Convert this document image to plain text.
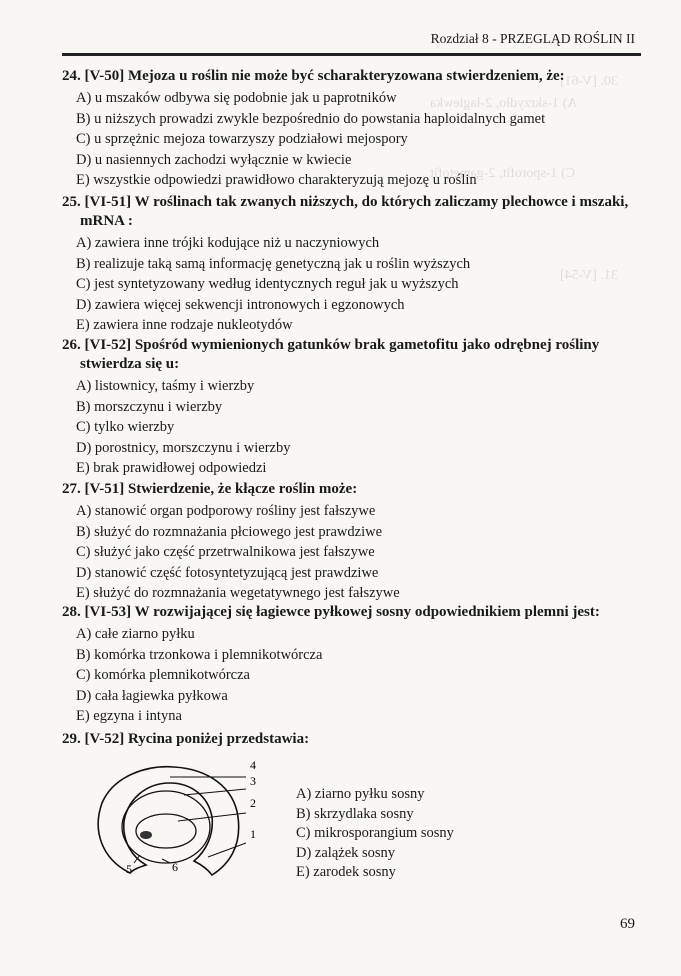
30. [V-61]
A) 1-skrzydło, 2-łagiewka
C) 1-sporofit, 2-gametofit
31. [V-54]
Rozdział 8 - PRZEGLĄD ROŚLIN II
24. [V-50] Mejoza u roślin nie może być scharakteryzowana stwierdzeniem, że:
A) u mszaków odbywa się podobnie jak u paprotników
B) u niższych prowadzi zwykle bezpośrednio do powstania haploidalnych gamet
C) u sprzężnic mejoza towarzyszy podziałowi mejospory
D) u nasiennych zachodzi wyłącznie w kwiecie
E) wszystkie odpowiedzi prawidłowo charakteryzują mejozę u roślin
25. [VI-51] W roślinach tak zwanych niższych, do których zaliczamy plechowce i mszaki, mRNA :
A) zawiera inne trójki kodujące niż u naczyniowych
B) realizuje taką samą informację genetyczną jak u roślin wyższych
C) jest syntetyzowany według identycznych reguł jak u wyższych
D) zawiera więcej sekwencji intronowych i egzonowych
E) zawiera inne rodzaje nukleotydów
26. [VI-52] Spośród wymienionych gatunków brak gametofitu jako odrębnej rośliny stwierdza się u:
A) listownicy, taśmy i wierzby
B) morszczynu i wierzby
C) tylko wierzby
D) porostnicy, morszczynu i wierzby
E) brak prawidłowej odpowiedzi
27. [V-51] Stwierdzenie, że kłącze roślin może:
A) stanowić organ podporowy rośliny jest fałszywe
B) służyć do rozmnażania płciowego jest prawdziwe
C) służyć jako część przetrwalnikowa jest fałszywe
D) stanowić część fotosyntetyzującą jest prawdziwe
E) służyć do rozmnażania wegetatywnego jest fałszywe
28. [VI-53] W rozwijającej się łagiewce pyłkowej sosny odpowiednikiem plemni jest:
A) całe ziarno pyłku
B) komórka trzonkowa i plemnikotwórcza
C) komórka plemnikotwórcza
D) cała łagiewka pyłkowa
E) egzyna i intyna
29. [V-52] Rycina poniżej przedstawia:
1
2
3
4
5	6
A) ziarno pyłku sosny
B) skrzydlaka sosny
C) mikrosporangium sosny
D) zalążek sosny
E) zarodek sosny
69
